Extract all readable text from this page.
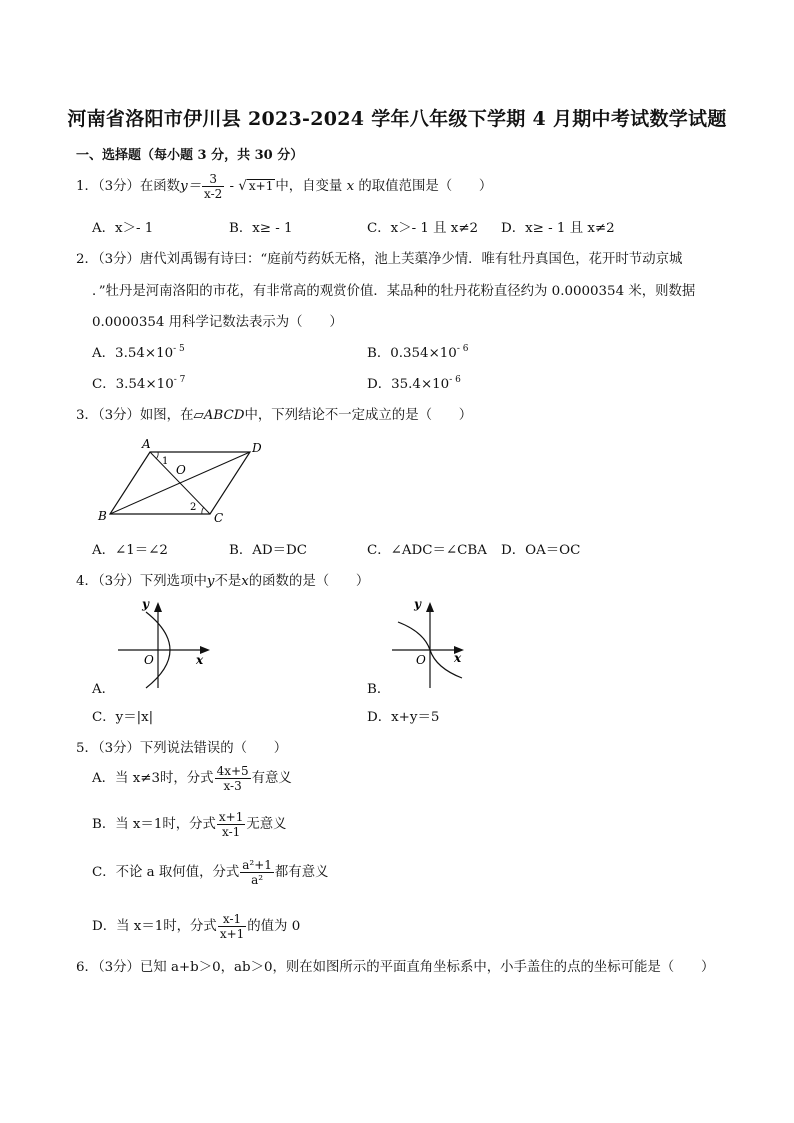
河南省洛阳市伊川县 2023-2024 学年八年级下学期 4 月期中考试数学试题
一、选择题（每小题 3 分，共 30 分）
1．（3分）在函数$y= \frac{3}{x-2}$ - √ x+1 中，自变量 x 的取值范围是（　　）
A．x＞- 1	B．x≥ - 1	C．x＞- 1 且 x≠2 D．x≥ - 1 且 x≠2
2．（3分）唐代刘禹锡有诗曰：“庭前芍药妖无格，池上芙蕖净少情．唯有牡丹真国色，花开时节动京城
．”牡丹是河南洛阳的市花，有非常高的观赏价值．某品种的牡丹花粉直径约为 0.0000354 米，则数据
0.0000354 用科学记数法表示为（　　）
A．$3.54\times 10^{- 5}$	B．$0.354\times 10^{- 6}$
C．$3.54\times 10^{- 7}$	D．$35.4\times 10^{- 6}$
3．（3分）如图，在▱ABCD中，下列结论不一定成立的是（　　）
A	D
B	C
O
1
2
A．∠1＝∠2	B．AD＝DC	C．∠ADC＝∠CBA D．OA＝OC
4．（3分）下列选项中y不是x的函数的是（　　）
y
x
O
A．
y
x
O
B．
C．y＝|x|	D．x+y＝5
5．（3分）下列说法错误的（　　）
A．当 x≠3时，分式 $\frac{4x+5}{x-3}$ 有意义
B．当 x＝1时，分式 $\frac{x+1}{x-1}$ 无意义
C．不论 a 取何值，分式 $\frac{\text{a²+1}}{\text{a²}}$ 都有意义
D．当 x＝1时，分式 $\frac{x-1}{x+1}$ 的值为 0
6．（3分）已知 a+b＞0，ab＞0，则在如图所示的平面直角坐标系中，小手盖住的点的坐标可能是（　　）
